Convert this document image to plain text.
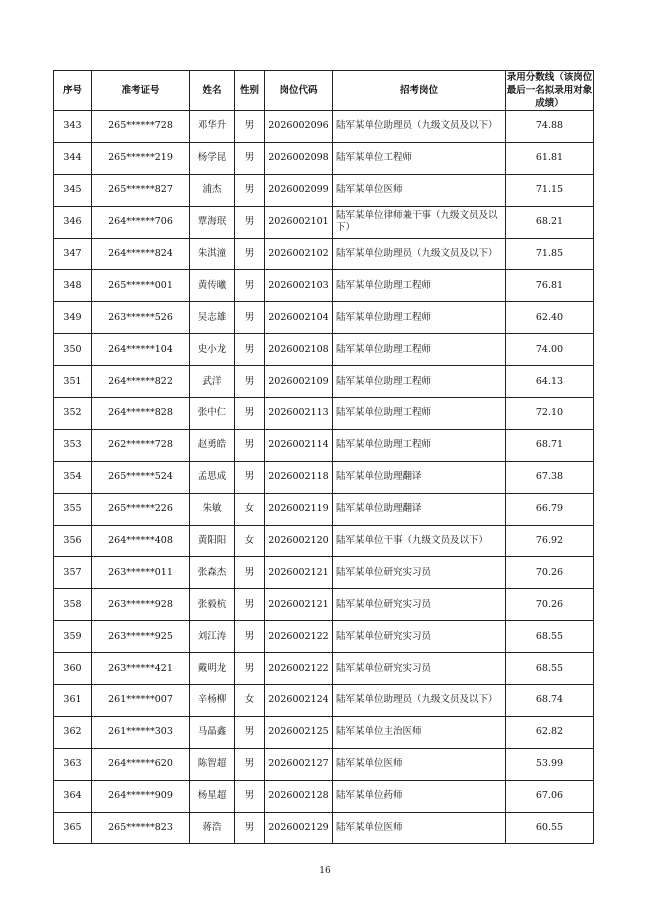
序号	准考证号	姓名	性别	岗位代码	招考岗位	录用分数线（该岗位最后一名拟录用对象成绩）
343	265******728	邓华升	男	2026002096	陆军某单位助理员（九级文员及以下）	74.88
344	265******219	杨学昆	男	2026002098	陆军某单位工程师	61.81
345	265******827	浦杰	男	2026002099	陆军某单位医师	71.15
346	264******706	覃海珉	男	2026002101	陆军某单位律师兼干事（九级文员及以下）	68.21
347	264******824	朱淇潼	男	2026002102	陆军某单位助理员（九级文员及以下）	71.85
348	265******001	黄传曦	男	2026002103	陆军某单位助理工程师	76.81
349	263******526	吴志雄	男	2026002104	陆军某单位助理工程师	62.40
350	264******104	史小龙	男	2026002108	陆军某单位助理工程师	74.00
351	264******822	武洋	男	2026002109	陆军某单位助理工程师	64.13
352	264******828	张中仁	男	2026002113	陆军某单位助理工程师	72.10
353	262******728	赵勇皓	男	2026002114	陆军某单位助理工程师	68.71
354	265******524	孟思成	男	2026002118	陆军某单位助理翻译	67.38
355	265******226	朱敏	女	2026002119	陆军某单位助理翻译	66.79
356	264******408	黄阳阳	女	2026002120	陆军某单位干事（九级文员及以下）	76.92
357	263******011	张森杰	男	2026002121	陆军某单位研究实习员	70.26
358	263******928	张毅杭	男	2026002121	陆军某单位研究实习员	70.26
359	263******925	刘江涛	男	2026002122	陆军某单位研究实习员	68.55
360	263******421	戴明龙	男	2026002122	陆军某单位研究实习员	68.55
361	261******007	辛杨柳	女	2026002124	陆军某单位助理员（九级文员及以下）	68.74
362	261******303	马晶鑫	男	2026002125	陆军某单位主治医师	62.82
363	264******620	陈智超	男	2026002127	陆军某单位医师	53.99
364	264******909	杨星超	男	2026002128	陆军某单位药师	67.06
365	265******823	蒋浩	男	2026002129	陆军某单位医师	60.55
16
